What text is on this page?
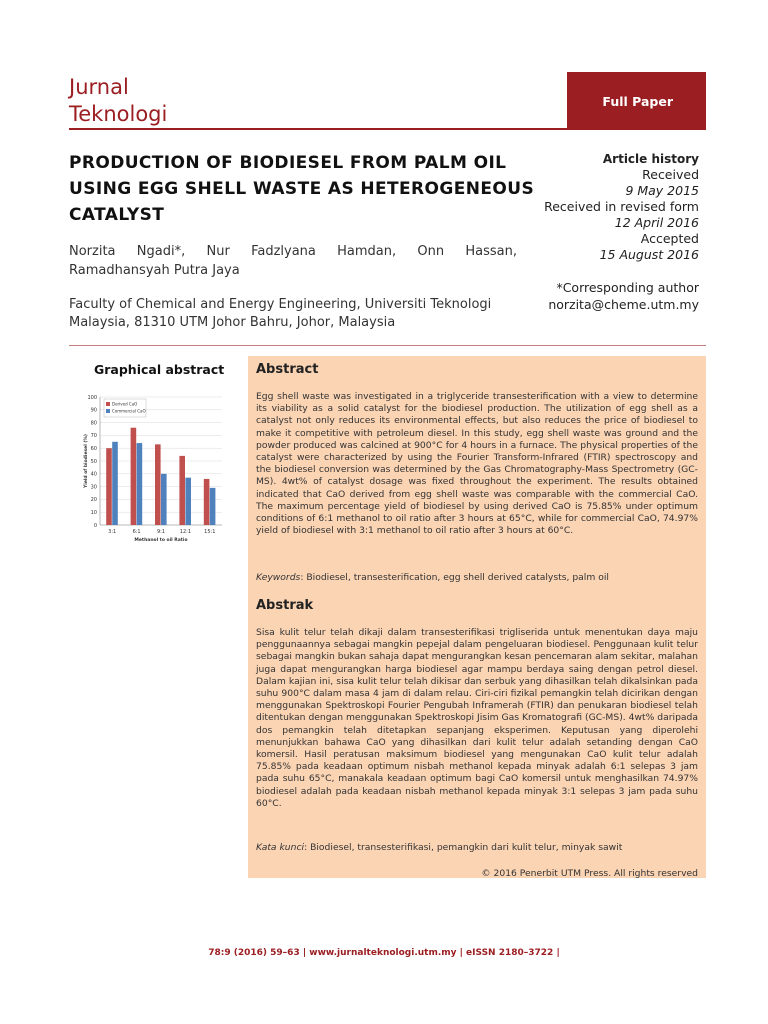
Jurnal
Teknologi
Full Paper
PRODUCTION OF BIODIESEL FROM PALM OIL
USING EGG SHELL WASTE AS HETEROGENEOUS
CATALYST
Norzita Ngadi*, Nur Fadzlyana Hamdan, Onn Hassan,
Ramadhansyah Putra Jaya
Faculty of Chemical and Energy Engineering, Universiti Teknologi
Malaysia, 81310 UTM Johor Bahru, Johor, Malaysia
Article history
Received
9 May 2015
Received in revised form
12 April 2016
Accepted
15 August 2016
*Corresponding author
norzita@cheme.utm.my
Graphical abstract
0
10
20
30
40
50
60
70
80
90
100
3:1	6:1	9:1	12:1	15:1
Methanol to oil Ratio
Yield of biodiesel (%)
Derived CaO
Commercial CaO
Abstract
Egg shell waste was investigated in a triglyceride transesterification with a view to determine its viability as a solid catalyst for the biodiesel production. The utilization of egg shell as a catalyst not only reduces its environmental effects, but also reduces the price of biodiesel to make it competitive with petroleum diesel. In this study, egg shell waste was ground and the powder produced was calcined at 900°C for 4 hours in a furnace. The physical properties of the catalyst were characterized by using the Fourier Transform-Infrared (FTIR) spectroscopy and the biodiesel conversion was determined by the Gas Chromatography-Mass Spectrometry (GC-MS). 4wt% of catalyst dosage was fixed throughout the experiment. The results obtained indicated that CaO derived from egg shell waste was comparable with the commercial CaO. The maximum percentage yield of biodiesel by using derived CaO is 75.85% under optimum conditions of 6:1 methanol to oil ratio after 3 hours at 65°C, while for commercial CaO, 74.97% yield of biodiesel with 3:1 methanol to oil ratio after 3 hours at 60°C.
Keywords: Biodiesel, transesterification, egg shell derived catalysts, palm oil
Abstrak
Sisa kulit telur telah dikaji dalam transesterifikasi trigliserida untuk menentukan daya maju penggunaannya sebagai mangkin pepejal dalam pengeluaran biodiesel. Penggunaan kulit telur sebagai mangkin bukan sahaja dapat mengurangkan kesan pencemaran alam sekitar, malahan juga dapat mengurangkan harga biodiesel agar mampu berdaya saing dengan petrol diesel. Dalam kajian ini, sisa kulit telur telah dikisar dan serbuk yang dihasilkan telah dikalsinkan pada suhu 900°C dalam masa 4 jam di dalam relau. Ciri-ciri fizikal pemangkin telah dicirikan dengan menggunakan Spektroskopi Fourier Pengubah Inframerah (FTIR) dan penukaran biodiesel telah ditentukan dengan menggunakan Spektroskopi Jisim Gas Kromatografi (GC-MS). 4wt% daripada dos pemangkin telah ditetapkan sepanjang eksperimen. Keputusan yang diperolehi menunjukkan bahawa CaO yang dihasilkan dari kulit telur adalah setanding dengan CaO komersil. Hasil peratusan maksimum biodiesel yang mengunakan CaO kulit telur adalah 75.85% pada keadaan optimum nisbah methanol kepada minyak adalah 6:1 selepas 3 jam pada suhu 65°C, manakala keadaan optimum bagi CaO komersil untuk menghasilkan 74.97% biodiesel adalah pada keadaan nisbah methanol kepada minyak 3:1 selepas 3 jam pada suhu 60°C.
Kata kunci: Biodiesel, transesterifikasi, pemangkin dari kulit telur, minyak sawit
© 2016 Penerbit UTM Press. All rights reserved
78:9 (2016) 59–63 | www.jurnalteknologi.utm.my | eISSN 2180–3722 |
